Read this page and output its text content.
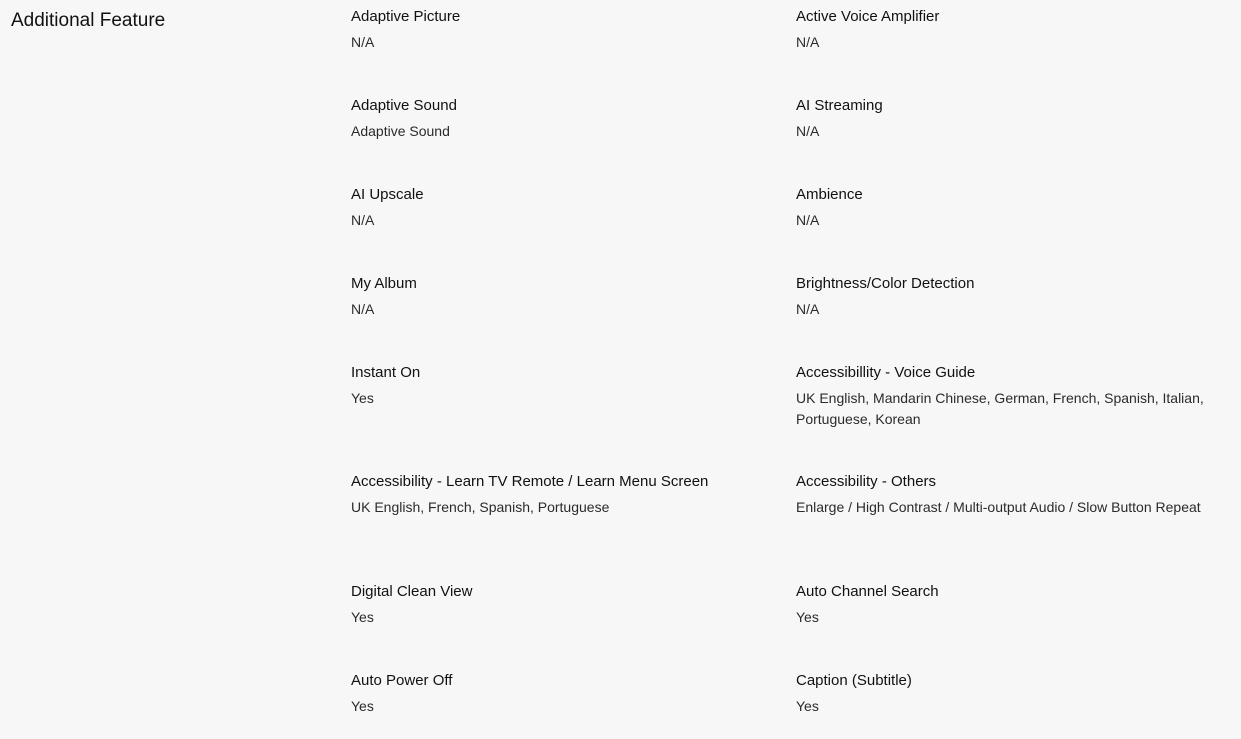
Additional Feature	Adaptive Picture

N/A

Active Voice Amplifier

N/A

Adaptive Sound

Adaptive Sound

AI Streaming

N/A

AI Upscale

N/A

Ambience

N/A

My Album

N/A

Brightness/Color Detection

N/A

Instant On

Yes

Accessibillity - Voice Guide

UK English, Mandarin Chinese, German, French, Spanish, Italian, Portuguese, Korean

Accessibility - Learn TV Remote / Learn Menu Screen

UK English, French, Spanish, Portuguese

Accessibility - Others

Enlarge / High Contrast / Multi-output Audio / Slow Button Repeat

Digital Clean View

Yes

Auto Channel Search

Yes

Auto Power Off

Yes

Caption (Subtitle)

Yes
